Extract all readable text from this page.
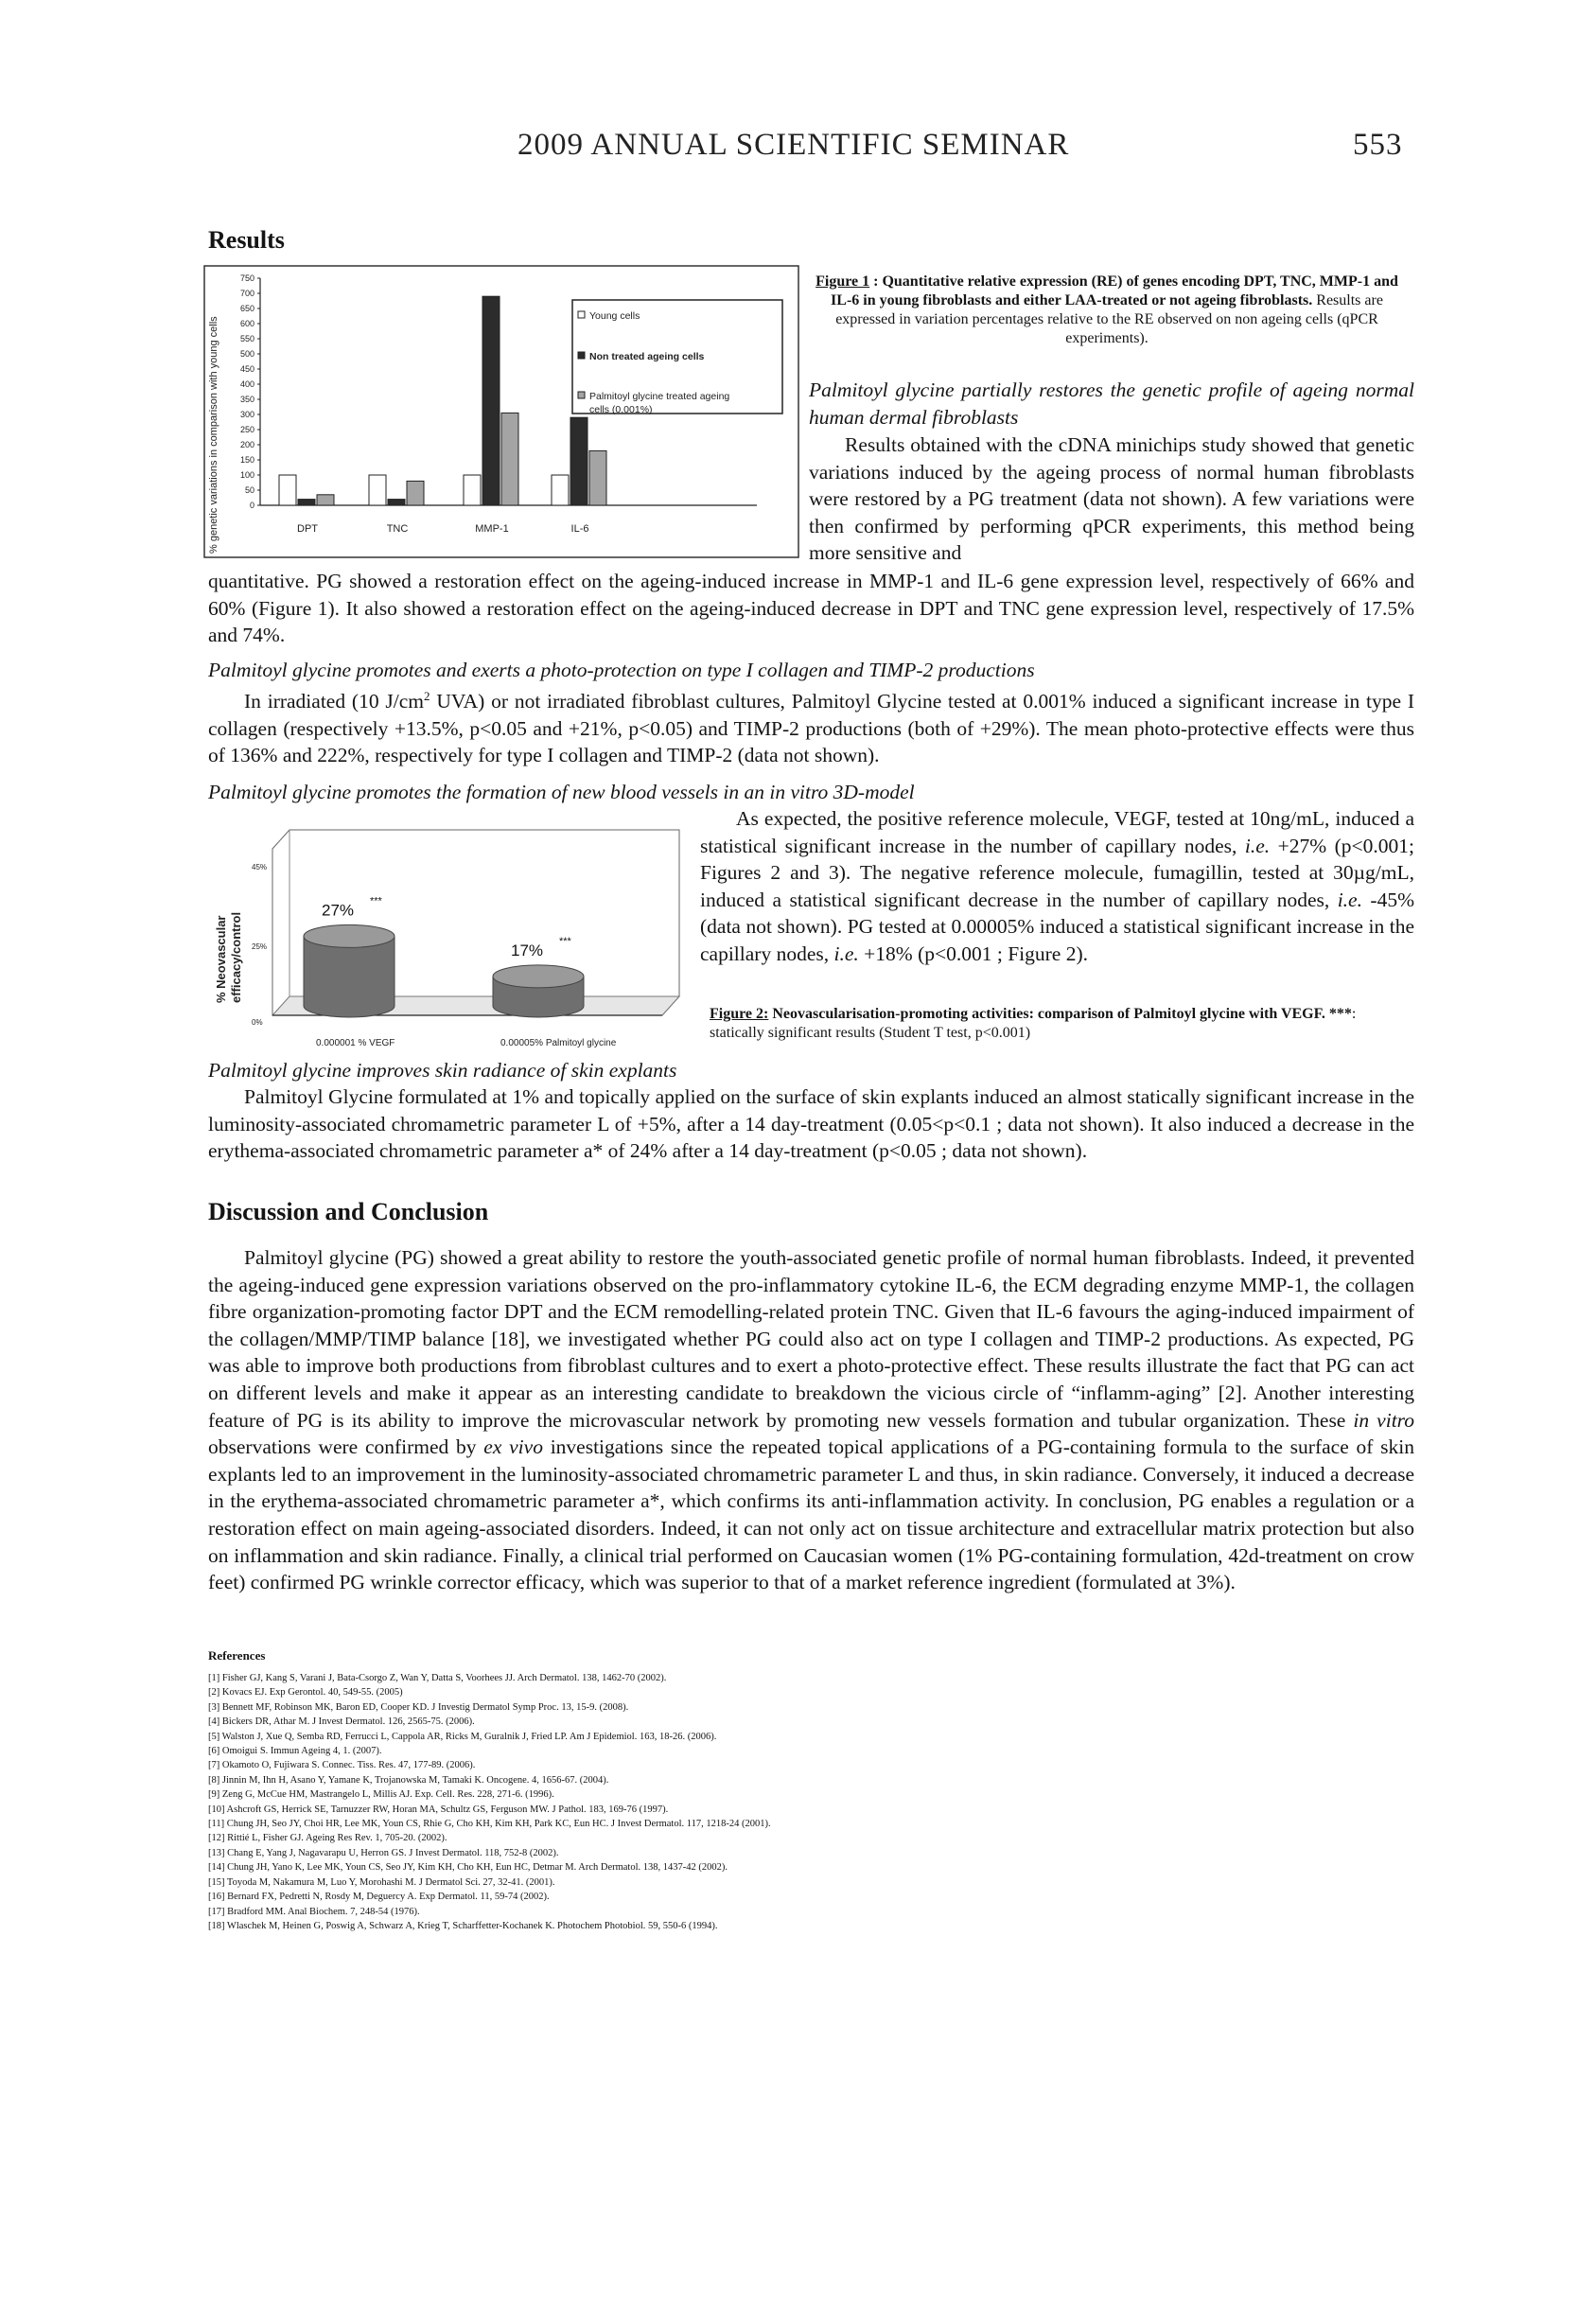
2009 ANNUAL SCIENTIFIC SEMINAR	553
Results
% genetic variations in comparison with young cells	0
50
100
150
200
250
300
350
400
450
500
550
600
650
700
750
DPT	TNC	MMP-1	IL-6
Young cells
Non treated ageing cells
Palmitoyl glycine treated ageing
cells (0.001%)
Figure 1 : Quantitative relative expression (RE) of genes encoding DPT, TNC, MMP-1 and IL-6 in young fibroblasts and either LAA-treated or not ageing fibroblasts. Results are expressed in variation percentages relative to the RE observed on non ageing cells (qPCR experiments).
Palmitoyl glycine partially restores the genetic profile of ageing normal human dermal fibroblasts
Results obtained with the cDNA minichips study showed that genetic variations induced by the ageing process of normal human fibroblasts were restored by a PG treatment (data not shown). A few variations were then confirmed by performing qPCR experiments, this method being more sensitive and
quantitative. PG showed a restoration effect on the ageing-induced increase in MMP-1 and IL-6 gene expression level, respectively of 66% and 60% (Figure 1). It also showed a restoration effect on the ageing-induced decrease in DPT and TNC gene expression level, respectively of 17.5% and 74%.
Palmitoyl glycine promotes and exerts a photo-protection on type I collagen and TIMP-2 productions
In irradiated (10 $J/cm^2$ UVA) or not irradiated fibroblast cultures, Palmitoyl Glycine tested at 0.001% induced a significant increase in type I collagen (respectively +13.5%, p<0.05 and +21%, p<0.05) and TIMP-2 productions (both of +29%). The mean photo-protective effects were thus of 136% and 222%, respectively for type I collagen and TIMP-2 (data not shown).
Palmitoyl glycine promotes the formation of new blood vessels in an in vitro 3D-model
As expected, the positive reference molecule, VEGF, tested at 10ng/mL, induced a statistical significant increase in the number of capillary nodes, i.e. +27% (p<0.001; Figures 2 and 3). The negative reference molecule, fumagillin, tested at 30µg/mL, induced a statistical significant decrease in the number of capillary nodes, i.e. -45% (data not shown). PG tested at 0.00005% induced a statistical significant increase in the capillary nodes, i.e. +18% (p<0.001 ; Figure 2).
% Neovascular efficacy/control
45%
25%
0%
27% ***
0.000001 % VEGF
17% ***
0.00005% Palmitoyl glycine
Figure 2: Neovascularisation-promoting activities: comparison of Palmitoyl glycine with VEGF. ***: statically significant results (Student T test, p<0.001)
Palmitoyl glycine improves skin radiance of skin explants
Palmitoyl Glycine formulated at 1% and topically applied on the surface of skin explants induced an almost statically significant increase in the luminosity-associated chromametric parameter L of +5%, after a 14 day-treatment (0.05<p<0.1 ; data not shown). It also induced a decrease in the erythema-associated chromametric parameter a* of 24% after a 14 day-treatment (p<0.05 ; data not shown).
Discussion and Conclusion
Palmitoyl glycine (PG) showed a great ability to restore the youth-associated genetic profile of normal human fibroblasts. Indeed, it prevented the ageing-induced gene expression variations observed on the pro-inflammatory cytokine IL-6, the ECM degrading enzyme MMP-1, the collagen fibre organization-promoting factor DPT and the ECM remodelling-related protein TNC. Given that IL-6 favours the aging-induced impairment of the collagen/MMP/TIMP balance [18], we investigated whether PG could also act on type I collagen and TIMP-2 productions. As expected, PG was able to improve both productions from fibroblast cultures and to exert a photo-protective effect. These results illustrate the fact that PG can act on different levels and make it appear as an interesting candidate to breakdown the vicious circle of “inflamm-aging” [2]. Another interesting feature of PG is its ability to improve the microvascular network by promoting new vessels formation and tubular organization. These in vitro observations were confirmed by ex vivo investigations since the repeated topical applications of a PG-containing formula to the surface of skin explants led to an improvement in the luminosity-associated chromametric parameter L and thus, in skin radiance. Conversely, it induced a decrease in the erythema-associated chromametric parameter a*, which confirms its anti-inflammation activity. In conclusion, PG enables a regulation or a restoration effect on main ageing-associated disorders. Indeed, it can not only act on tissue architecture and extracellular matrix protection but also on inflammation and skin radiance. Finally, a clinical trial performed on Caucasian women (1% PG-containing formulation, 42d-treatment on crow feet) confirmed PG wrinkle corrector efficacy, which was superior to that of a market reference ingredient (formulated at 3%).
References
[1] Fisher GJ, Kang S, Varani J, Bata-Csorgo Z, Wan Y, Datta S, Voorhees JJ. Arch Dermatol. 138, 1462-70 (2002).
[2] Kovacs EJ. Exp Gerontol. 40, 549-55. (2005)
[3] Bennett MF, Robinson MK, Baron ED, Cooper KD. J Investig Dermatol Symp Proc. 13, 15-9. (2008).
[4] Bickers DR, Athar M. J Invest Dermatol. 126, 2565-75. (2006).
[5] Walston J, Xue Q, Semba RD, Ferrucci L, Cappola AR, Ricks M, Guralnik J, Fried LP. Am J Epidemiol. 163, 18-26. (2006).
[6] Omoigui S. Immun Ageing 4, 1. (2007).
[7] Okamoto O, Fujiwara S. Connec. Tiss. Res. 47, 177-89. (2006).
[8] Jinnin M, Ihn H, Asano Y, Yamane K, Trojanowska M, Tamaki K. Oncogene. 4, 1656-67. (2004).
[9] Zeng G, McCue HM, Mastrangelo L, Millis AJ. Exp. Cell. Res. 228, 271-6. (1996).
[10] Ashcroft GS, Herrick SE, Tarnuzzer RW, Horan MA, Schultz GS, Ferguson MW. J Pathol. 183, 169-76 (1997).
[11] Chung JH, Seo JY, Choi HR, Lee MK, Youn CS, Rhie G, Cho KH, Kim KH, Park KC, Eun HC. J Invest Dermatol. 117, 1218-24 (2001).
[12] Rittié L, Fisher GJ. Ageing Res Rev. 1, 705-20. (2002).
[13] Chang E, Yang J, Nagavarapu U, Herron GS. J Invest Dermatol. 118, 752-8 (2002).
[14] Chung JH, Yano K, Lee MK, Youn CS, Seo JY, Kim KH, Cho KH, Eun HC, Detmar M. Arch Dermatol. 138, 1437-42 (2002).
[15] Toyoda M, Nakamura M, Luo Y, Morohashi M. J Dermatol Sci. 27, 32-41. (2001).
[16] Bernard FX, Pedretti N, Rosdy M, Deguercy A. Exp Dermatol. 11, 59-74 (2002).
[17] Bradford MM. Anal Biochem. 7, 248-54 (1976).
[18] Wlaschek M, Heinen G, Poswig A, Schwarz A, Krieg T, Scharffetter-Kochanek K. Photochem Photobiol. 59, 550-6 (1994).
